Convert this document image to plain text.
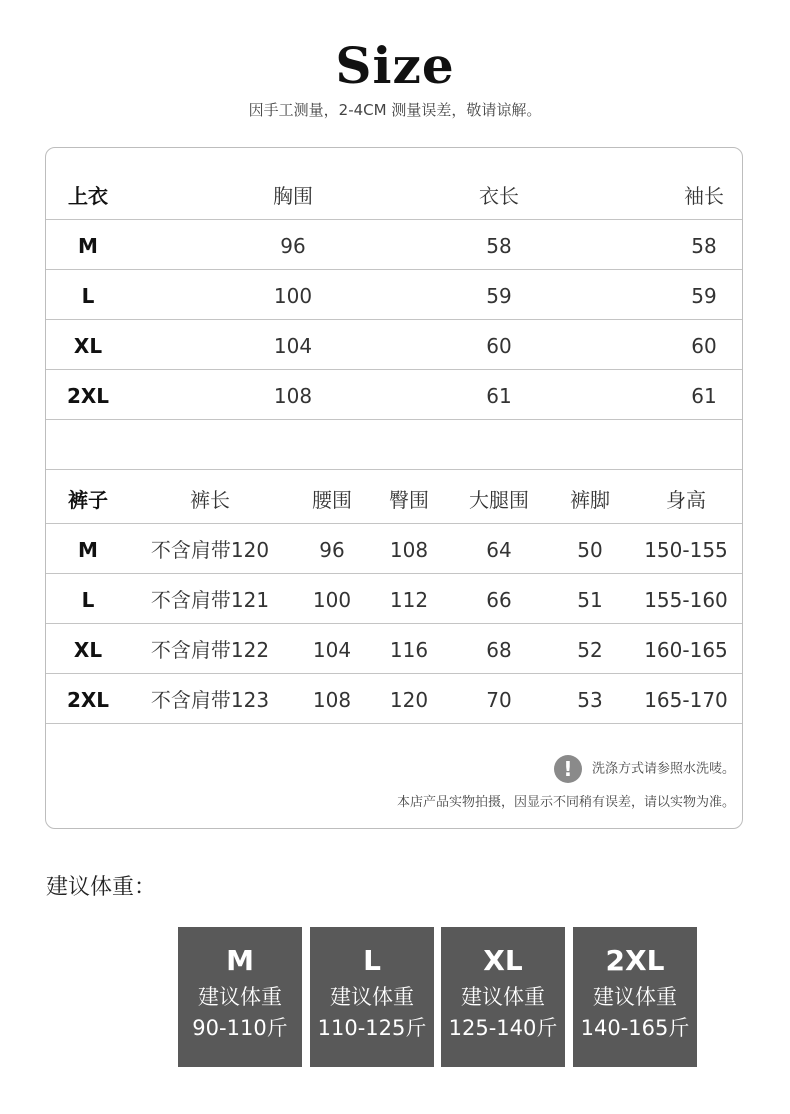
Size
因手工测量，2-4CM 测量误差，敬请谅解。
上衣	胸围	衣长	袖长
M	96	58	58
L	100	59	59
XL	104	60	60
2XL	108	61	61
裤子	裤长	腰围	臀围	大腿围	裤脚	身高
M	不含肩带120	96	108	64	50	150-155
L	不含肩带121	100	112	66	51	155-160
XL	不含肩带122	104	116	68	52	160-165
2XL	不含肩带123	108	120	70	53	165-170
! 洗涤方式请参照水洗唛。
本店产品实物拍摄，因显示不同稍有误差，请以实物为准。
建议体重：
M
建议体重
90-110斤
L
建议体重
110-125斤
XL
建议体重
125-140斤
2XL
建议体重
140-165斤
